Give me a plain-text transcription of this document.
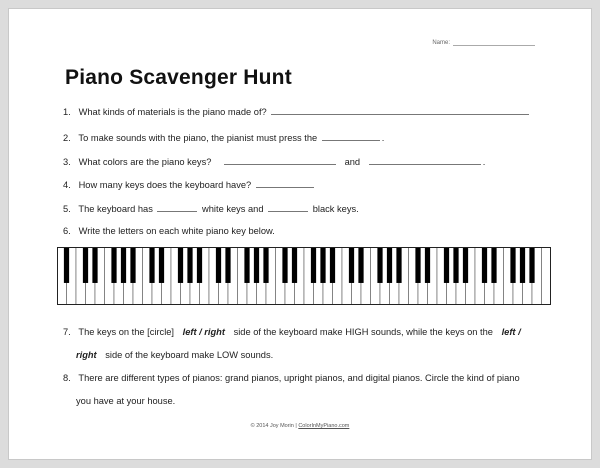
Name:
Piano Scavenger Hunt
1. What kinds of materials is the piano made of?
2. To make sounds with the piano, the pianist must press the	.
3. What colors are the piano keys?	and	.
4. How many keys does the keyboard have?
5. The keyboard has	white keys and	black keys.
6. Write the letters on each white piano key below.
7. The keys on the [circle] left / right side of the keyboard make HIGH sounds, while the keys on the left /
right side of the keyboard make LOW sounds.
8. There are different types of pianos: grand pianos, upright pianos, and digital pianos. Circle the kind of piano
you have at your house.
© 2014 Joy Morin | ColorInMyPiano.com
